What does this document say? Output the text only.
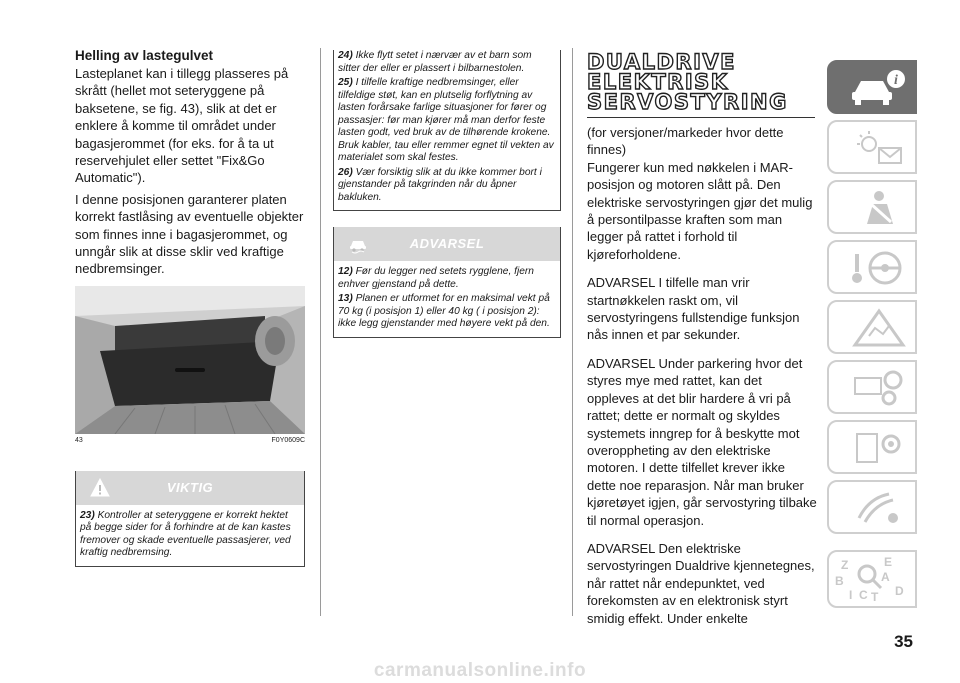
Helling av lastegulvet

Lasteplanet kan i tillegg plasseres på skrått (hellet mot seteryggene på baksetene, se fig. 43), slik at det er enklere å komme til området under bagasjerommet (for eks. for å ta ut reservehjulet eller settet "Fix&Go Automatic").

I denne posisjonen garanterer platen korrekt fastlåsing av eventuelle objekter som finnes inne i bagasjerommet, og unngår slik at disse sklir ved kraftige nedbremsinger.

43	F0Y0609C
VIKTIG

23) Kontroller at seteryggene er korrekt hektet på begge sider for å forhindre at de kan kastes fremover og skade eventuelle passasjerer, ved kraftig nedbremsing.

24) Ikke flytt setet i nærvær av et barn som sitter der eller er plassert i bilbarnestolen.

25) I tilfelle kraftige nedbremsinger, eller tilfeldige støt, kan en plutselig forflytning av lasten forårsake farlige situasjoner for fører og passasjer: før man kjører må man derfor feste lasten godt, ved bruk av de tilhørende krokene. Bruk kabler, tau eller remmer egnet til vekten av materialet som skal festes.

26) Vær forsiktig slik at du ikke kommer bort i gjenstander på takgrinden når du åpner bakluken.

ADVARSEL

12) Før du legger ned setets rygglene, fjern enhver gjenstand på dette.

13) Planen er utformet for en maksimal vekt på 70 kg (i posisjon 1) eller 40 kg ( i posisjon 2): ikke legg gjenstander med høyere vekt på den.

DUALDRIVE
ELEKTRISK
SERVOSTYRING

(for versjoner/markeder hvor dette finnes)

Fungerer kun med nøkkelen i MAR-posisjon og motoren slått på. Den elektriske servostyringen gjør det mulig å persontilpasse kraften som man legger på rattet i forhold til kjøreforholdene.

ADVARSEL I tilfelle man vrir startnøkkelen raskt om, vil servostyringens fullstendige funksjon nås innen et par sekunder.

ADVARSEL Under parkering hvor det styres mye med rattet, kan det oppleves at det blir hardere å vri på rattet; dette er normalt og skyldes systemets inngrep for å beskytte mot overoppheting av den elektriske motoren. I dette tilfellet krever ikke dette noe reparasjon. Når man bruker kjøretøyet igjen, går servostyring tilbake til normal operasjon.

ADVARSEL Den elektriske servostyringen Dualdrive kjennetegnes, når rattet når endepunktet, ved forekomsten av en elektronisk styrt smidig effekt. Under enkelte

i
Z	E
B	A
I C T D
35
carmanualsonline.info
